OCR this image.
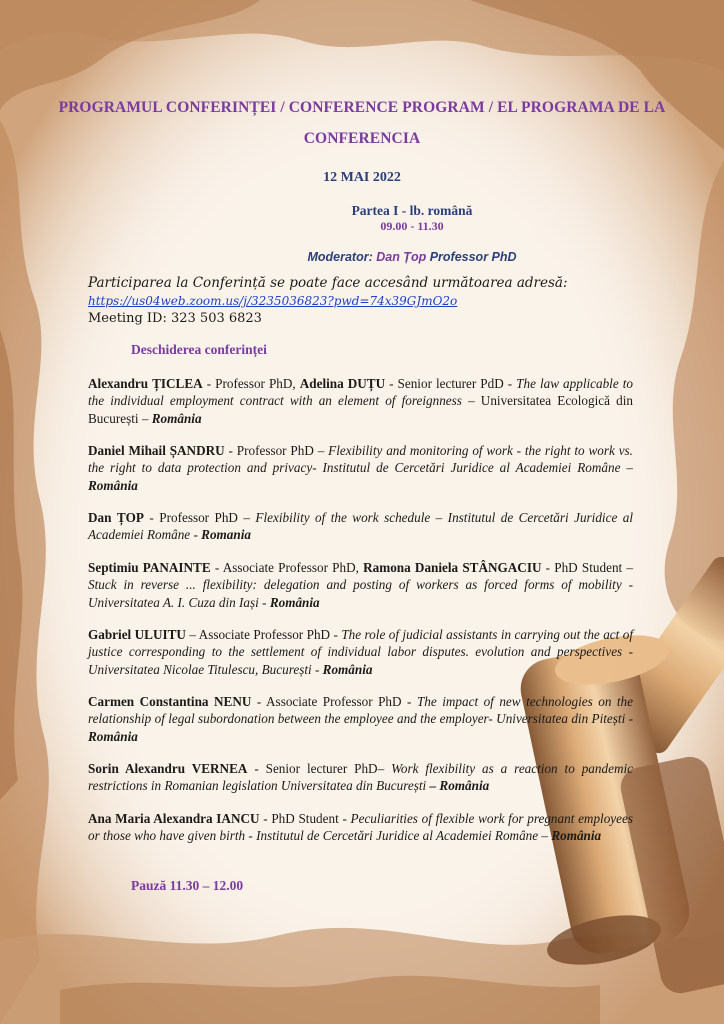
PROGRAMUL CONFERINȚEI / CONFERENCE PROGRAM / EL PROGRAMA DE LA CONFERENCIA
12 MAI 2022
Partea I - lb. română
09.00 - 11.30
Moderator: Dan Țop Professor PhD
Participarea la Conferință se poate face accesând următoarea adresă:
https://us04web.zoom.us/j/3235036823?pwd=74x39GJmO2o
Meeting ID: 323 503 6823
Deschiderea conferinței
Alexandru ȚICLEA - Professor PhD, Adelina DUȚU - Senior lecturer PdD - The law applicable to the individual employment contract with an element of foreignness – Universitatea Ecologică din București – România
Daniel Mihail ȘANDRU - Professor PhD – Flexibility and monitoring of work - the right to work vs. the right to data protection and privacy- Institutul de Cercetări Juridice al Academiei Române – România
Dan ȚOP - Professor PhD – Flexibility of the work schedule – Institutul de Cercetări Juridice al Academiei Române - Romania
Septimiu PANAINTE - Associate Professor PhD, Ramona Daniela STÂNGACIU - PhD Student – Stuck in reverse ... flexibility: delegation and posting of workers as forced forms of mobility - Universitatea A. I. Cuza din Iași - România
Gabriel ULUITU – Associate Professor PhD - The role of judicial assistants in carrying out the act of justice corresponding to the settlement of individual labor disputes. evolution and perspectives - Universitatea Nicolae Titulescu, București - România
Carmen Constantina NENU - Associate Professor PhD - The impact of new technologies on the relationship of legal subordonation between the employee and the employer- Universitatea din Pitești - România
Sorin Alexandru VERNEA - Senior lecturer PhD– Work flexibility as a reaction to pandemic restrictions in Romanian legislation Universitatea din București – România
Ana Maria Alexandra IANCU - PhD Student - Peculiarities of flexible work for pregnant employees or those who have given birth - Institutul de Cercetări Juridice al Academiei Române – România
Pauză 11.30 – 12.00
